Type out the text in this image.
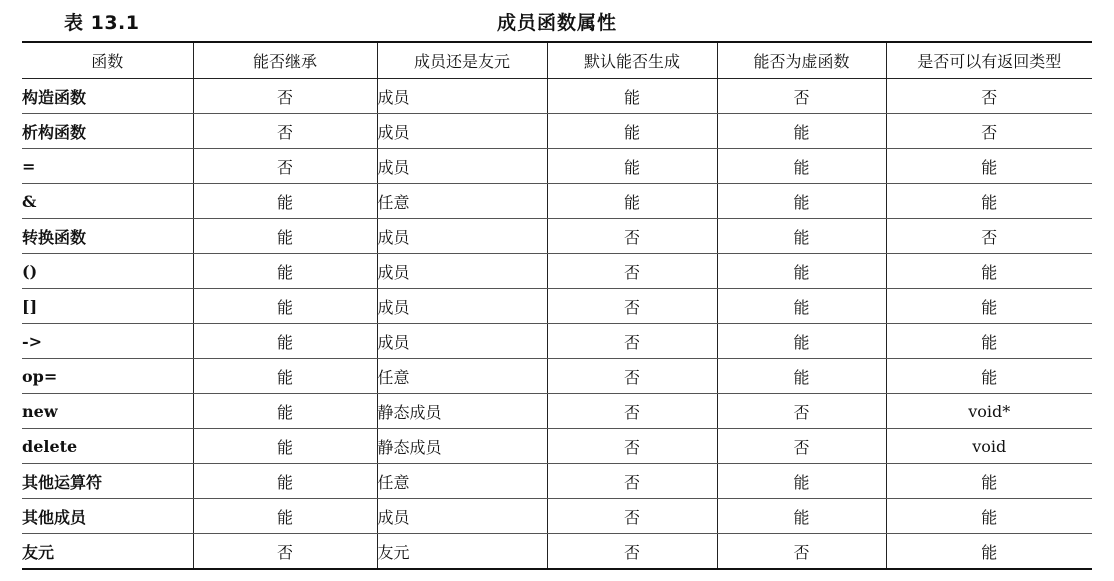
表 13.1	成员函数属性
函数	能否继承	成员还是友元	默认能否生成	能否为虚函数	是否可以有返回类型
构造函数	否	成员	能	否	否
析构函数	否	成员	能	能	否
=	否	成员	能	能	能
&	能	任意	能	能	能
转换函数	能	成员	否	能	否
()	能	成员	否	能	能
[]	能	成员	否	能	能
->	能	成员	否	能	能
op=	能	任意	否	能	能
new	能	静态成员	否	否	void*
delete	能	静态成员	否	否	void
其他运算符	能	任意	否	能	能
其他成员	能	成员	否	能	能
友元	否	友元	否	否	能
